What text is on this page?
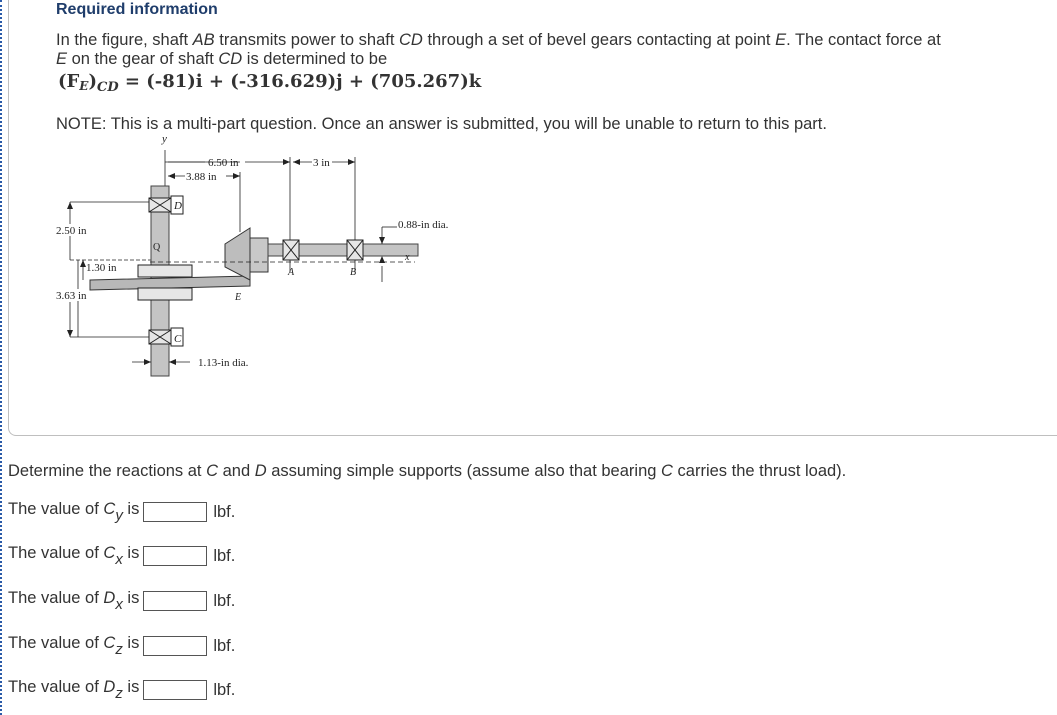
Required information
In the figure, shaft AB transmits power to shaft CD through a set of bevel gears contacting at point E. The contact force at
E on the gear of shaft CD is determined to be
$(FE)_{CD} = (-81)i + (-316.629)j + (705.267)k$
NOTE: This is a multi-part question. Once an answer is submitted, you will be unable to return to this part.
y
6.50 in	3 in
3.88 in
2.50 in
1.30 in
3.63 in
D
Q
C
1.13-in dia.
A	B
0.88-in dia.
x
E
Determine the reactions at C and D assuming simple supports (assume also that bearing C carries the thrust load).
The value of $C_y$ is	lbf.
The value of $C_x$ is	lbf.
The value of $D_x$ is	lbf.
The value of $C_z$ is	lbf.
The value of $D_z$ is	lbf.
